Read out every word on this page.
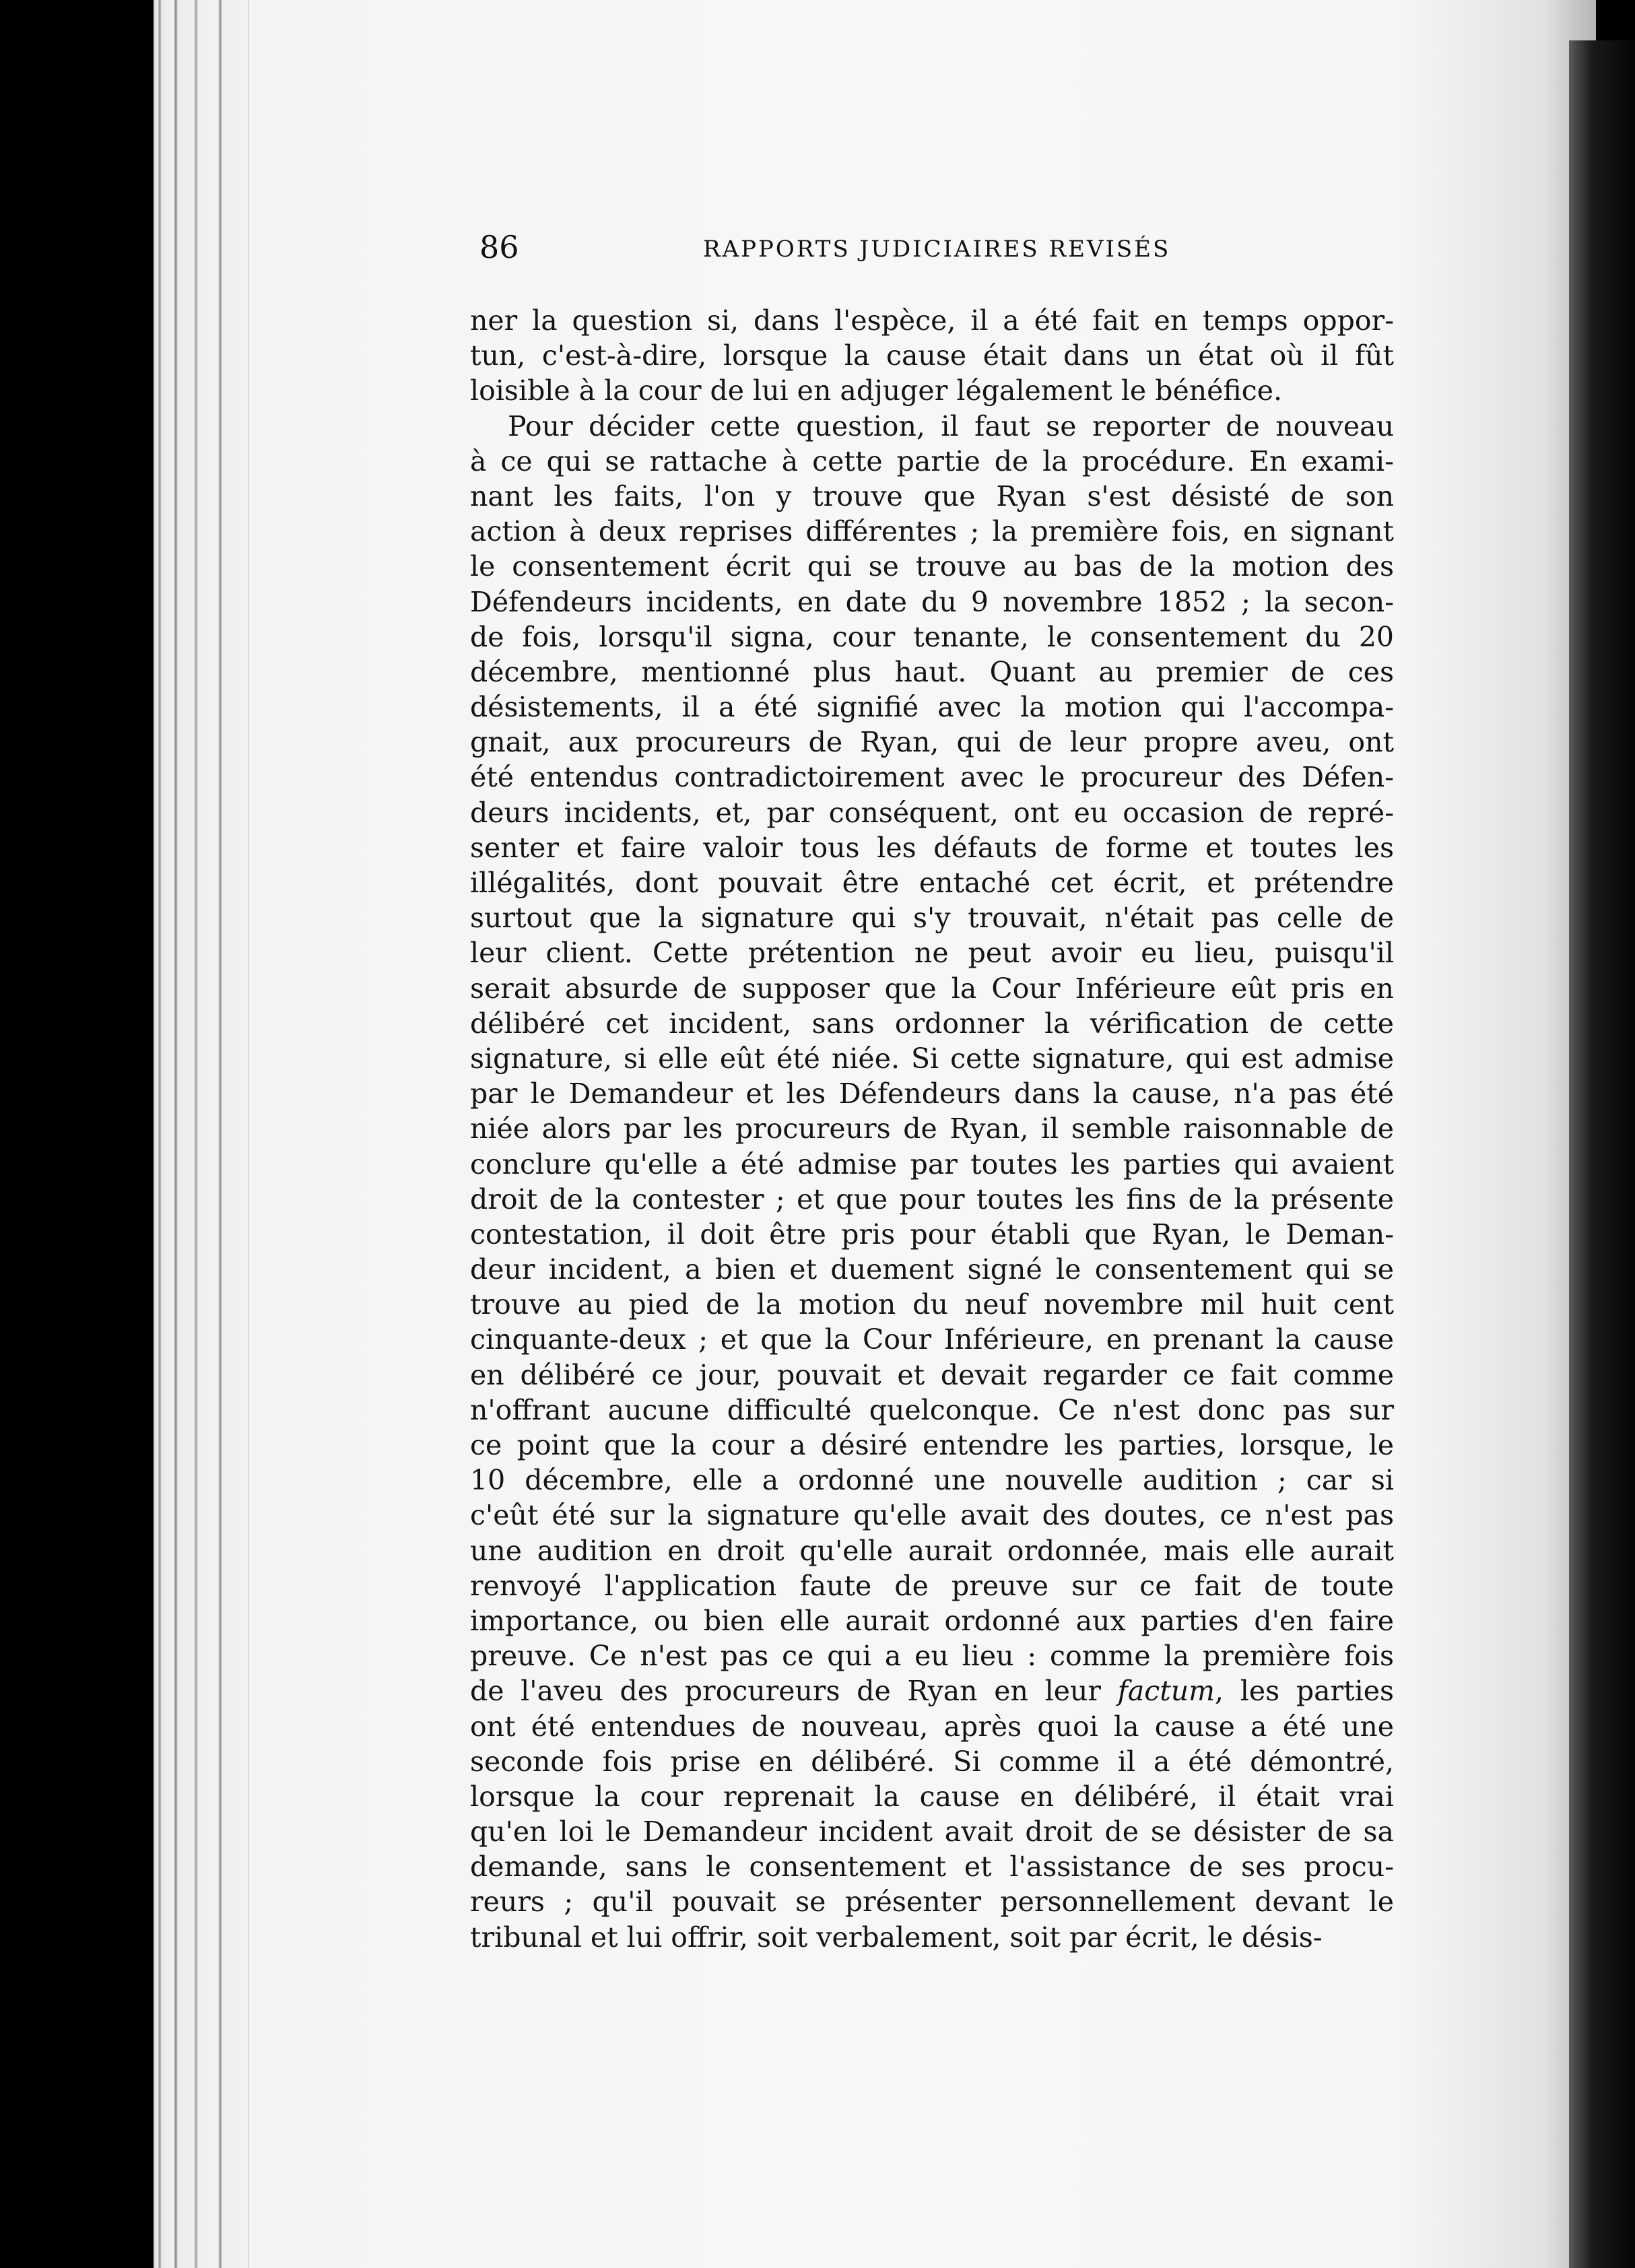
86	RAPPORTS JUDICIAIRES REVISÉS
ner la question si, dans l'espèce, il a été fait en temps oppor-
tun, c'est-à-dire, lorsque la cause était dans un état où il fût
loisible à la cour de lui en adjuger légalement le bénéfice.
Pour décider cette question, il faut se reporter de nouveau
à ce qui se rattache à cette partie de la procédure. En exami-
nant les faits, l'on y trouve que Ryan s'est désisté de son
action à deux reprises différentes ; la première fois, en signant
le consentement écrit qui se trouve au bas de la motion des
Défendeurs incidents, en date du 9 novembre 1852 ; la secon-
de fois, lorsqu'il signa, cour tenante, le consentement du 20
décembre, mentionné plus haut. Quant au premier de ces
désistements, il a été signifié avec la motion qui l'accompa-
gnait, aux procureurs de Ryan, qui de leur propre aveu, ont
été entendus contradictoirement avec le procureur des Défen-
deurs incidents, et, par conséquent, ont eu occasion de repré-
senter et faire valoir tous les défauts de forme et toutes les
illégalités, dont pouvait être entaché cet écrit, et prétendre
surtout que la signature qui s'y trouvait, n'était pas celle de
leur client. Cette prétention ne peut avoir eu lieu, puisqu'il
serait absurde de supposer que la Cour Inférieure eût pris en
délibéré cet incident, sans ordonner la vérification de cette
signature, si elle eût été niée. Si cette signature, qui est admise
par le Demandeur et les Défendeurs dans la cause, n'a pas été
niée alors par les procureurs de Ryan, il semble raisonnable de
conclure qu'elle a été admise par toutes les parties qui avaient
droit de la contester ; et que pour toutes les fins de la présente
contestation, il doit être pris pour établi que Ryan, le Deman-
deur incident, a bien et duement signé le consentement qui se
trouve au pied de la motion du neuf novembre mil huit cent
cinquante-deux ; et que la Cour Inférieure, en prenant la cause
en délibéré ce jour, pouvait et devait regarder ce fait comme
n'offrant aucune difficulté quelconque. Ce n'est donc pas sur
ce point que la cour a désiré entendre les parties, lorsque, le
10 décembre, elle a ordonné une nouvelle audition ; car si
c'eût été sur la signature qu'elle avait des doutes, ce n'est pas
une audition en droit qu'elle aurait ordonnée, mais elle aurait
renvoyé l'application faute de preuve sur ce fait de toute
importance, ou bien elle aurait ordonné aux parties d'en faire
preuve. Ce n'est pas ce qui a eu lieu : comme la première fois
de l'aveu des procureurs de Ryan en leur factum, les parties
ont été entendues de nouveau, après quoi la cause a été une
seconde fois prise en délibéré. Si comme il a été démontré,
lorsque la cour reprenait la cause en délibéré, il était vrai
qu'en loi le Demandeur incident avait droit de se désister de sa
demande, sans le consentement et l'assistance de ses procu-
reurs ; qu'il pouvait se présenter personnellement devant le
tribunal et lui offrir, soit verbalement, soit par écrit, le désis-
